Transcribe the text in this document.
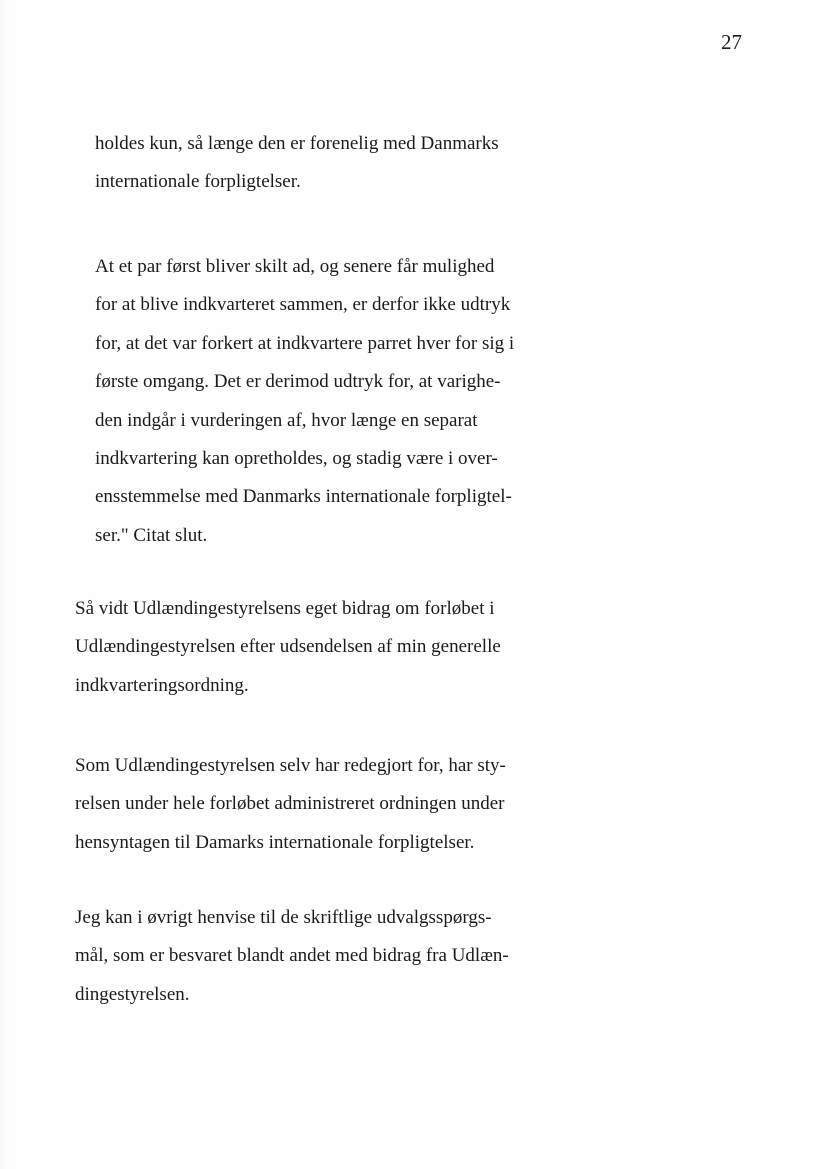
27
holdes kun, så længe den er forenelig med Danmarks
internationale forpligtelser.
At et par først bliver skilt ad, og senere får mulighed
for at blive indkvarteret sammen, er derfor ikke udtryk
for, at det var forkert at indkvartere parret hver for sig i
første omgang. Det er derimod udtryk for, at varighe-
den indgår i vurderingen af, hvor længe en separat
indkvartering kan opretholdes, og stadig være i over-
ensstemmelse med Danmarks internationale forpligtel-
ser." Citat slut.
Så vidt Udlændingestyrelsens eget bidrag om forløbet i
Udlændingestyrelsen efter udsendelsen af min generelle
indkvarteringsordning.
Som Udlændingestyrelsen selv har redegjort for, har sty-
relsen under hele forløbet administreret ordningen under
hensyntagen til Damarks internationale forpligtelser.
Jeg kan i øvrigt henvise til de skriftlige udvalgsspørgs-
mål, som er besvaret blandt andet med bidrag fra Udlæn-
dingestyrelsen.
